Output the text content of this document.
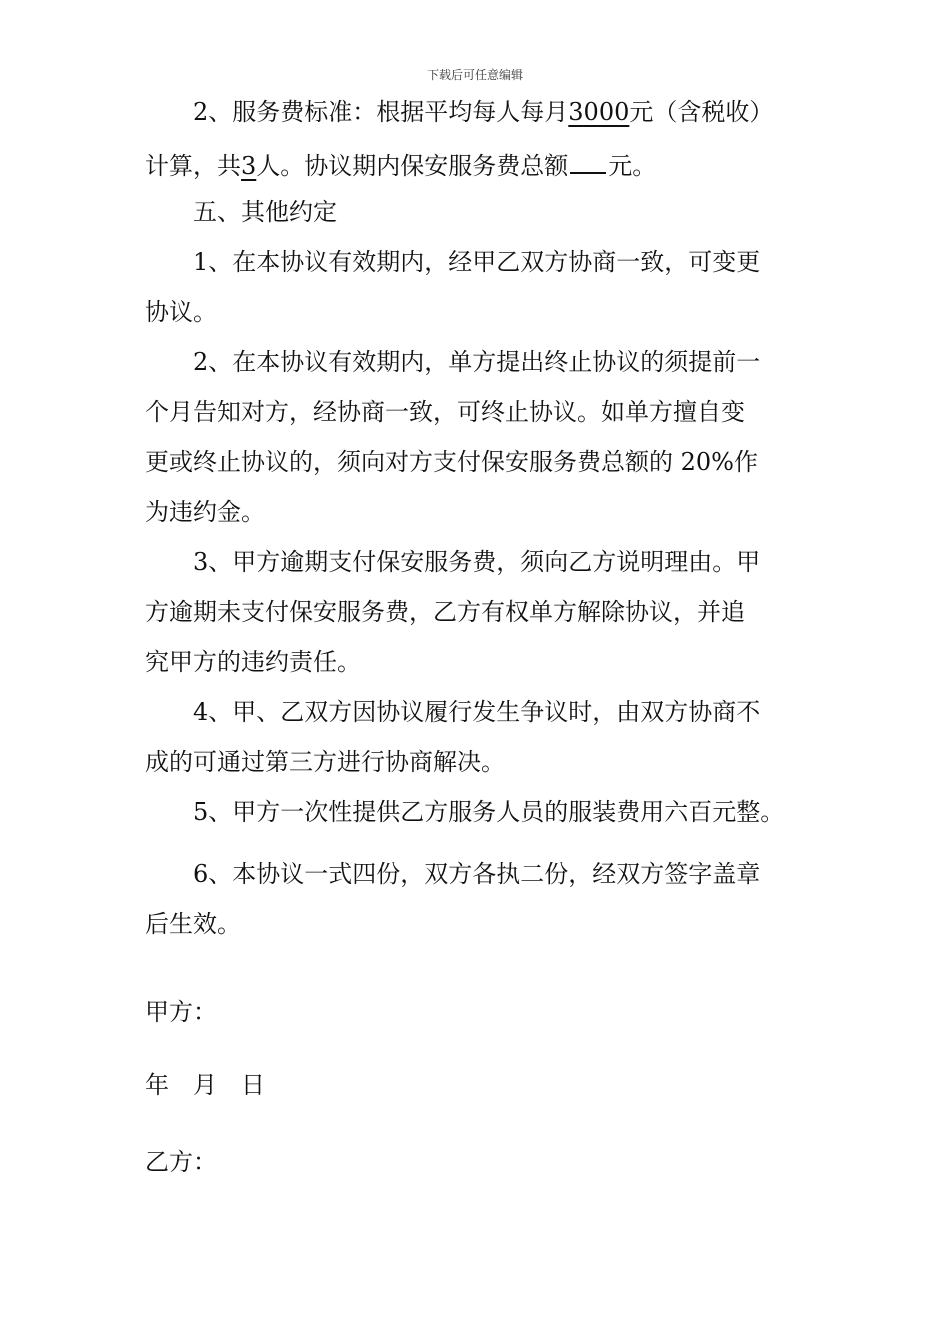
下载后可任意编辑
2、服务费标准：根据平均每人每月3000元（含税收）
计算，共3人。协议期内保安服务费总额 元。
五、其他约定
1、在本协议有效期内，经甲乙双方协商一致，可变更
协议。
2、在本协议有效期内，单方提出终止协议的须提前一
个月告知对方，经协商一致，可终止协议。如单方擅自变
更或终止协议的，须向对方支付保安服务费总额的 20%作
为违约金。
3、甲方逾期支付保安服务费，须向乙方说明理由。甲
方逾期未支付保安服务费，乙方有权单方解除协议，并追
究甲方的违约责任。
4、甲、乙双方因协议履行发生争议时，由双方协商不
成的可通过第三方进行协商解决。
5、甲方一次性提供乙方服务人员的服装费用六百元整。
6、本协议一式四份，双方各执二份，经双方签字盖章
后生效。
甲方：
年　月　日
乙方：
